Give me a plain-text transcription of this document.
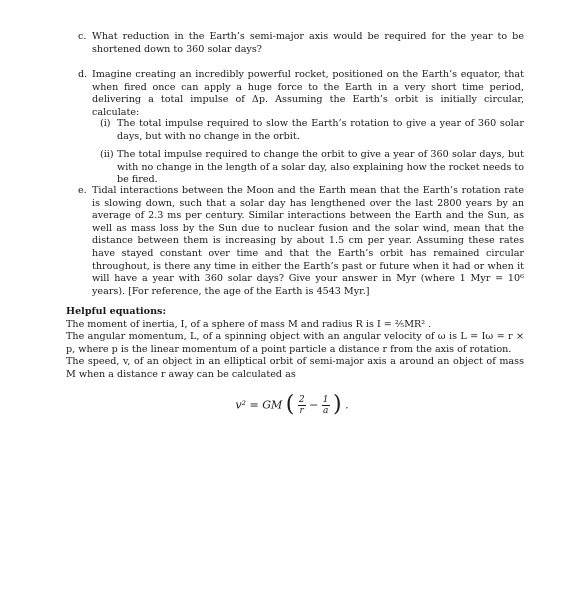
c. What reduction in the Earth’s semi-major axis would be required for the year to be shortened down to 360 solar days?
d. Imagine creating an incredibly powerful rocket, positioned on the Earth’s equator, that when fired once can apply a huge force to the Earth in a very short time period, delivering a total impulse of Δp. Assuming the Earth’s orbit is initially circular, calculate:
(i) The total impulse required to slow the Earth’s rotation to give a year of 360 solar days, but with no change in the orbit.
(ii) The total impulse required to change the orbit to give a year of 360 solar days, but with no change in the length of a solar day, also explaining how the rocket needs to be fired.
e. Tidal interactions between the Moon and the Earth mean that the Earth’s rotation rate is slowing down, such that a solar day has lengthened over the last 2800 years by an average of 2.3 ms per century. Similar interactions between the Earth and the Sun, as well as mass loss by the Sun due to nuclear fusion and the solar wind, mean that the distance between them is increasing by about 1.5 cm per year. Assuming these rates have stayed constant over time and that the Earth’s orbit has remained circular throughout, is there any time in either the Earth’s past or future when it had or when it will have a year with 360 solar days? Give your answer in Myr (where 1 Myr = 10⁶ years). [For reference, the age of the Earth is 4543 Myr.]
Helpful equations:

The moment of inertia, I, of a sphere of mass M and radius R is I = ⅖MR² .

The angular momentum, L, of a spinning object with an angular velocity of ω is L = Iω = r × p, where p is the linear momentum of a point particle a distance r from the axis of rotation.

The speed, v, of an object in an elliptical orbit of semi-major axis a around an object of mass M when a distance r away can be calculated as

v² = GM ( $\frac{2}{r} - \frac{1}{a}$ ) .
